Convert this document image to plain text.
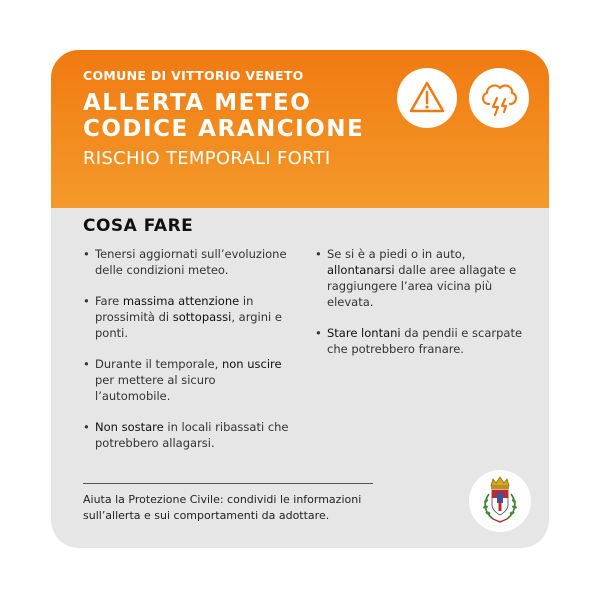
COMUNE DI VITTORIO VENETO
ALLERTA METEO
CODICE ARANCIONE
RISCHIO TEMPORALI FORTI
COSA FARE
• Tenersi aggiornati sull’evoluzione delle condizioni meteo.
• Fare massima attenzione in prossimità di sottopassi, argini e ponti.
• Durante il temporale, non uscire per mettere al sicuro l’automobile.
• Non sostare in locali ribassati che potrebbero allagarsi.
• Se si è a piedi o in auto, allontanarsi dalle aree allagate e raggiungere l’area vicina più elevata.
• Stare lontani da pendii e scarpate che potrebbero franare.
Aiuta la Protezione Civile: condividi le informazioni sull’allerta e sui comportamenti da adottare.
